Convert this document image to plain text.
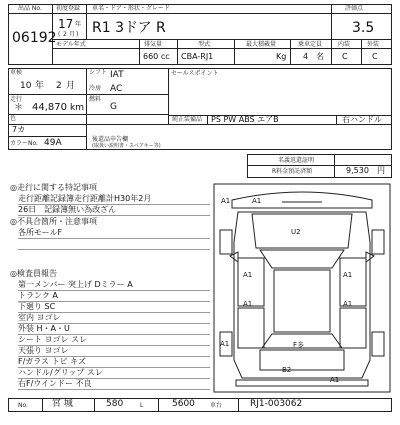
出品 No.
06192
初度登録
17 年
( 2 月 )
車名・ドア・形状・グレード
R1 3ドア R
モデル年式	排気量
660 cc
型式
CBA-RJ1
最大積載量
Kg
乗車定員
4 名
評価点
3.5
内装	外装
C	C
車検
10 年 2 月
走行
＊ 44,870 km
色
7カ
カラーNo. 49A
シフト IAT
冷房 AC
燃料
G
セールスポイント
純正装備品 PS PW ABS エアB	右ハンドル
後還品申告欄
(取扱い説明書・スペアキー等)
名義返還証明
R料金預託済額	9,530 円
◎走行に関する特記事項
走行距離記録簿走行距離計H30年2月
26日　記録簿無い為改ざん
◎不具合箇所・注意事項
各所モールF
◎検査員報告
第一メンバー 突上げ Dミラー A
トランク A
下廻り SC
室内 ヨゴレ
外装 H・A・U
シート ヨゴレ スレ
天張り ヨゴレ
F/ガラス トビ キズ
ハンドル/グリップ スレ
右F/ウインドー 不良
A1	A1
U2
A1	A1
A1	A1
A1	F多
B2
A1
No.	宮 城	580	L	5600	車台	RJ1-003062
